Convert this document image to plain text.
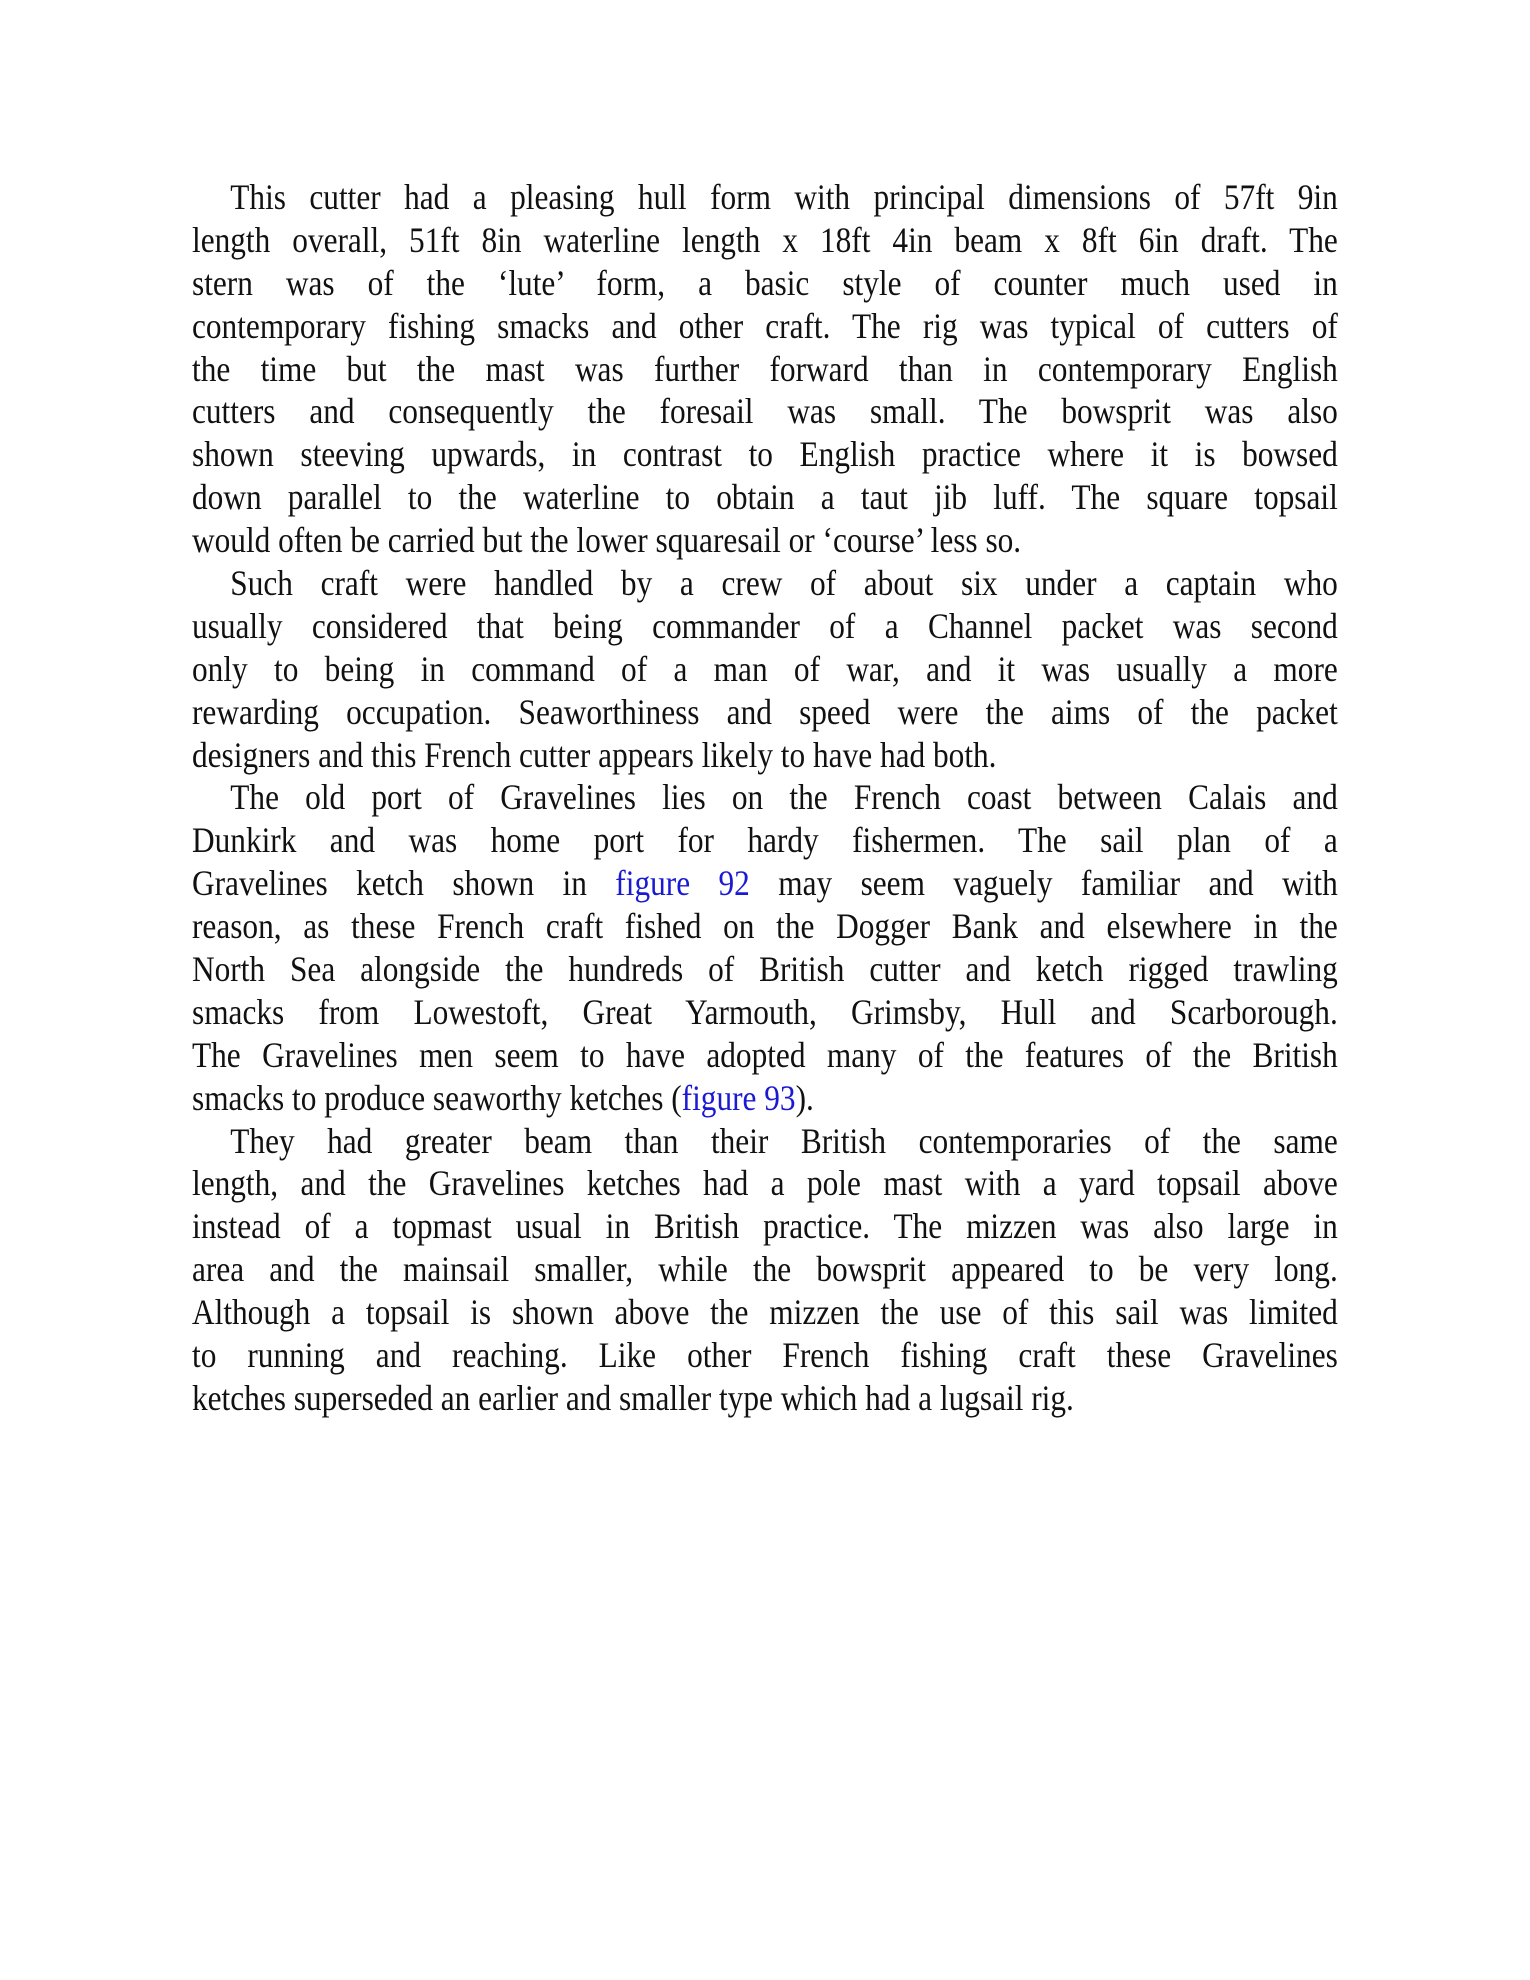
This cutter had a pleasing hull form with principal dimensions of 57ft 9in
length overall, 51ft 8in waterline length x 18ft 4in beam x 8ft 6in draft. The
stern was of the ‘lute’ form, a basic style of counter much used in
contemporary fishing smacks and other craft. The rig was typical of cutters of
the time but the mast was further forward than in contemporary English
cutters and consequently the foresail was small. The bowsprit was also
shown steeving upwards, in contrast to English practice where it is bowsed
down parallel to the waterline to obtain a taut jib luff. The square topsail
would often be carried but the lower squaresail or ‘course’ less so.
Such craft were handled by a crew of about six under a captain who
usually considered that being commander of a Channel packet was second
only to being in command of a man of war, and it was usually a more
rewarding occupation. Seaworthiness and speed were the aims of the packet
designers and this French cutter appears likely to have had both.
The old port of Gravelines lies on the French coast between Calais and
Dunkirk and was home port for hardy fishermen. The sail plan of a
Gravelines ketch shown in figure 92 may seem vaguely familiar and with
reason, as these French craft fished on the Dogger Bank and elsewhere in the
North Sea alongside the hundreds of British cutter and ketch rigged trawling
smacks from Lowestoft, Great Yarmouth, Grimsby, Hull and Scarborough.
The Gravelines men seem to have adopted many of the features of the British
smacks to produce seaworthy ketches (figure 93).
They had greater beam than their British contemporaries of the same
length, and the Gravelines ketches had a pole mast with a yard topsail above
instead of a topmast usual in British practice. The mizzen was also large in
area and the mainsail smaller, while the bowsprit appeared to be very long.
Although a topsail is shown above the mizzen the use of this sail was limited
to running and reaching. Like other French fishing craft these Gravelines
ketches superseded an earlier and smaller type which had a lugsail rig.
